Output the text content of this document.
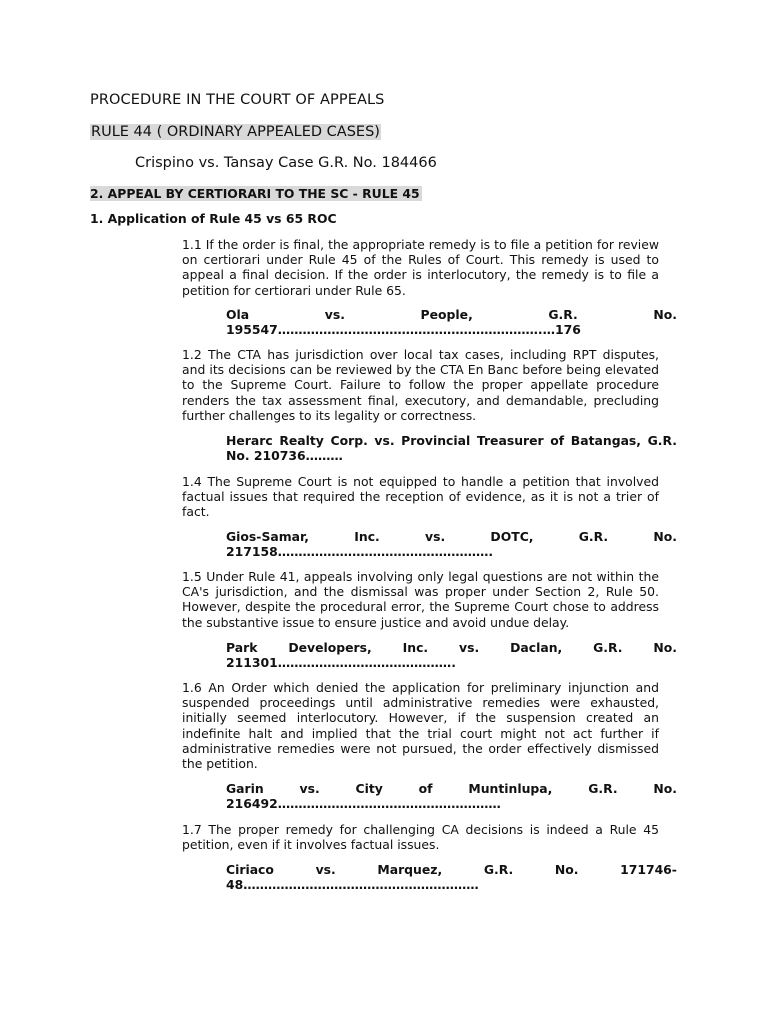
PROCEDURE IN THE COURT OF APPEALS
RULE 44 ( ORDINARY APPEALED CASES)
Crispino vs. Tansay Case G.R. No. 184466
2. APPEAL BY CERTIORARI TO THE SC - RULE 45
1. Application of Rule 45 vs 65 ROC
1.1 If the order is final, the appropriate remedy is to file a petition for review on certiorari under Rule 45 of the Rules of Court. This remedy is used to appeal a final decision. If the order is interlocutory, the remedy is to file a petition for certiorari under Rule 65.
Ola	vs.	People,	G.R.	No.
195547……………………………………………………….…176
1.2 The CTA has jurisdiction over local tax cases, including RPT disputes, and its decisions can be reviewed by the CTA En Banc before being elevated to the Supreme Court. Failure to follow the proper appellate procedure renders the tax assessment final, executory, and demandable, precluding further challenges to its legality or correctness.
Herarc Realty Corp. vs. Provincial Treasurer of Batangas, G.R. No. 210736………
1.4 The Supreme Court is not equipped to handle a petition that involved factual issues that required the reception of evidence, as it is not a trier of fact.
Gios-Samar,	Inc.	vs.	DOTC,	G.R.	No.
217158…………………………………………….
1.5 Under Rule 41, appeals involving only legal questions are not within the CA's jurisdiction, and the dismissal was proper under Section 2, Rule 50. However, despite the procedural error, the Supreme Court chose to address the substantive issue to ensure justice and avoid undue delay.
Park Developers, Inc. vs. Daclan, G.R. No.
211301…………………………………….
1.6 An Order which denied the application for preliminary injunction and suspended proceedings until administrative remedies were exhausted, initially seemed interlocutory. However, if the suspension created an indefinite halt and implied that the trial court might not act further if administrative remedies were not pursued, the order effectively dismissed the petition.
Garin	vs.	City	of	Muntinlupa,	G.R.	No.
216492………………………………………………
1.7 The proper remedy for challenging CA decisions is indeed a Rule 45 petition, even if it involves factual issues.
Ciriaco	vs.	Marquez,	G.R.	No.	171746-
48…………………………………………………
